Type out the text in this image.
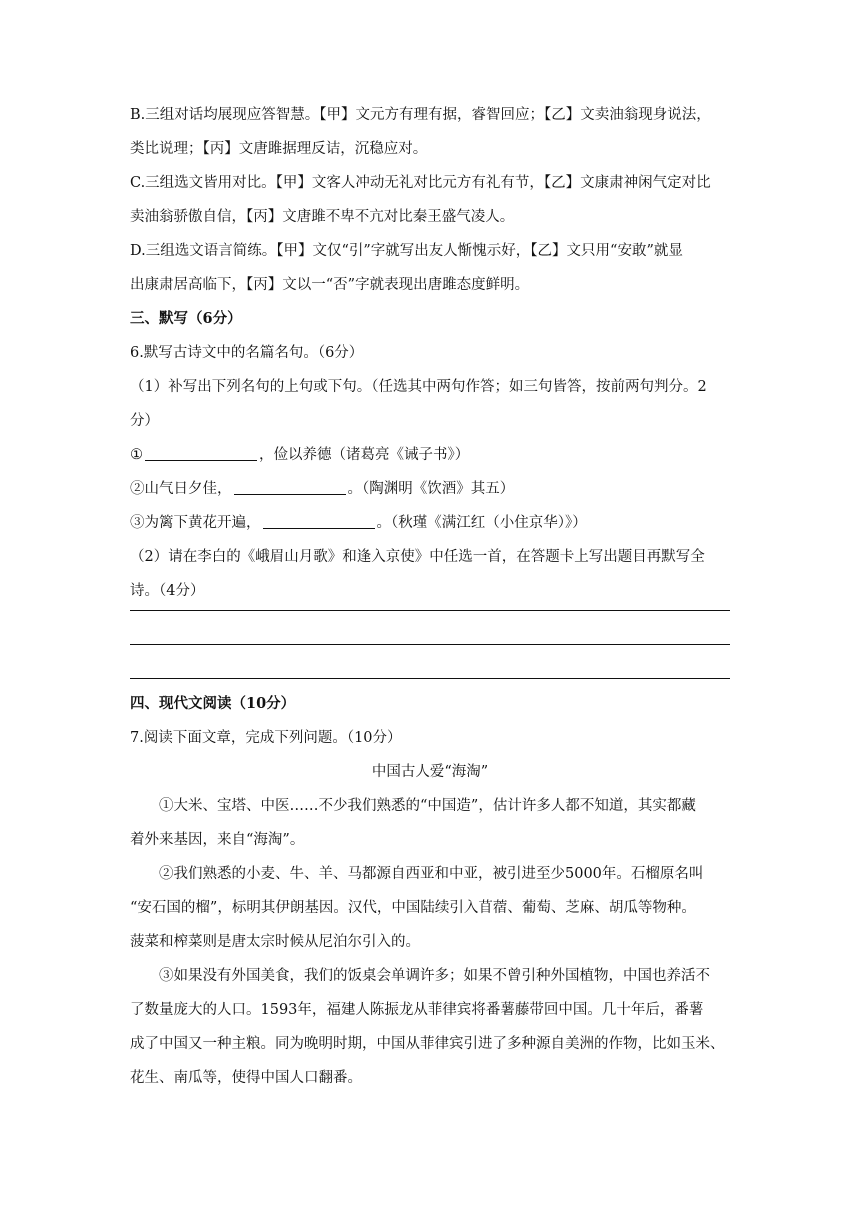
B.三组对话均展现应答智慧。【甲】文元方有理有据，睿智回应；【乙】文卖油翁现身说法，

类比说理；【丙】文唐雎据理反诘，沉稳应对。

C.三组选文皆用对比。【甲】文客人冲动无礼对比元方有礼有节，【乙】文康肃神闲气定对比

卖油翁骄傲自信，【丙】文唐雎不卑不亢对比秦王盛气凌人。

D.三组选文语言简练。【甲】文仅“引”字就写出友人惭愧示好，【乙】文只用“安敢”就显

出康肃居高临下，【丙】文以一“否”字就表现出唐雎态度鲜明。

三、默写（6分）

6.默写古诗文中的名篇名句。（6分）

（1）补写出下列名句的上句或下句。（任选其中两句作答；如三句皆答，按前两句判分。2

分）

①	，俭以养德（诸葛亮《诫子书》）

②山气日夕佳，	。（陶渊明《饮酒》其五）

③为篱下黄花开遍，	。（秋瑾《满江红（小住京华）》）

（2）请在李白的《峨眉山月歌》和逢入京使》中任选一首，在答题卡上写出题目再默写全

诗。（4分）

四、现代文阅读（10分）

7.阅读下面文章，完成下列问题。（10分）

中国古人爱“海淘”

①大米、宝塔、中医……不少我们熟悉的“中国造”，估计许多人都不知道，其实都藏

着外来基因，来自“海淘”。

②我们熟悉的小麦、牛、羊、马都源自西亚和中亚，被引进至少5000年。石榴原名叫

“安石国的榴”，标明其伊朗基因。汉代，中国陆续引入苜蓿、葡萄、芝麻、胡瓜等物种。

菠菜和榨菜则是唐太宗时候从尼泊尔引入的。

③如果没有外国美食，我们的饭桌会单调许多；如果不曾引种外国植物，中国也养活不

了数量庞大的人口。1593年，福建人陈振龙从菲律宾将番薯藤带回中国。几十年后，番薯

成了中国又一种主粮。同为晚明时期，中国从菲律宾引进了多种源自美洲的作物，比如玉米、

花生、南瓜等，使得中国人口翻番。
